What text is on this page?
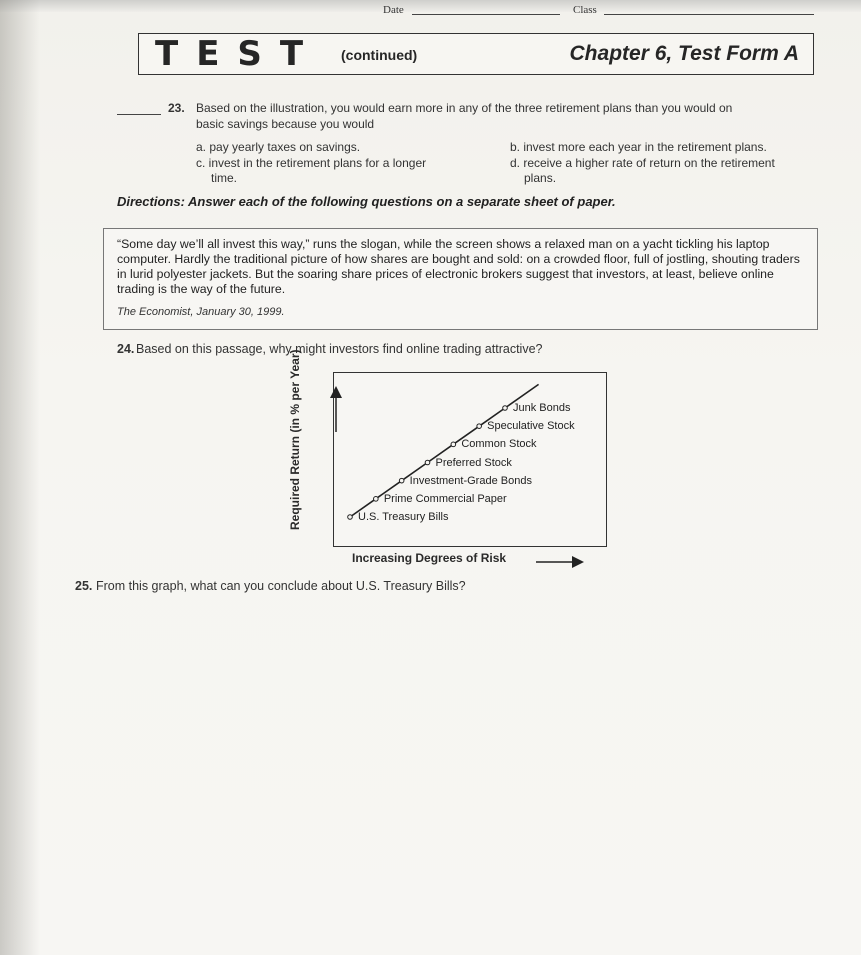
Date	Class
TEST (continued)	Chapter 6, Test Form A
23. Based on the illustration, you would earn more in any of the three retirement plans than you would on
basic savings because you would
a. pay yearly taxes on savings.	b. invest more each year in the retirement plans.
c. invest in the retirement plans for a longer
time.
d. receive a higher rate of return on the retirement
plans.
Directions: Answer each of the following questions on a separate sheet of paper.
“Some day we’ll all invest this way,” runs the slogan, while the screen shows a relaxed man on a yacht tickling his laptop computer. Hardly the traditional picture of how shares are bought and sold: on a crowded floor, full of jostling, shouting traders in lurid polyester jackets. But the soaring share prices of electronic brokers suggest that investors, at least, believe online trading is the way of the future.
The Economist, January 30, 1999.
24. Based on this passage, why might investors find online trading attractive?
Required Return (in % per Year)
Increasing Degrees of Risk
U.S. Treasury Bills
Prime Commercial Paper
Investment-Grade Bonds
Preferred Stock
Common Stock
Speculative Stock
Junk Bonds
25. From this graph, what can you conclude about U.S. Treasury Bills?
